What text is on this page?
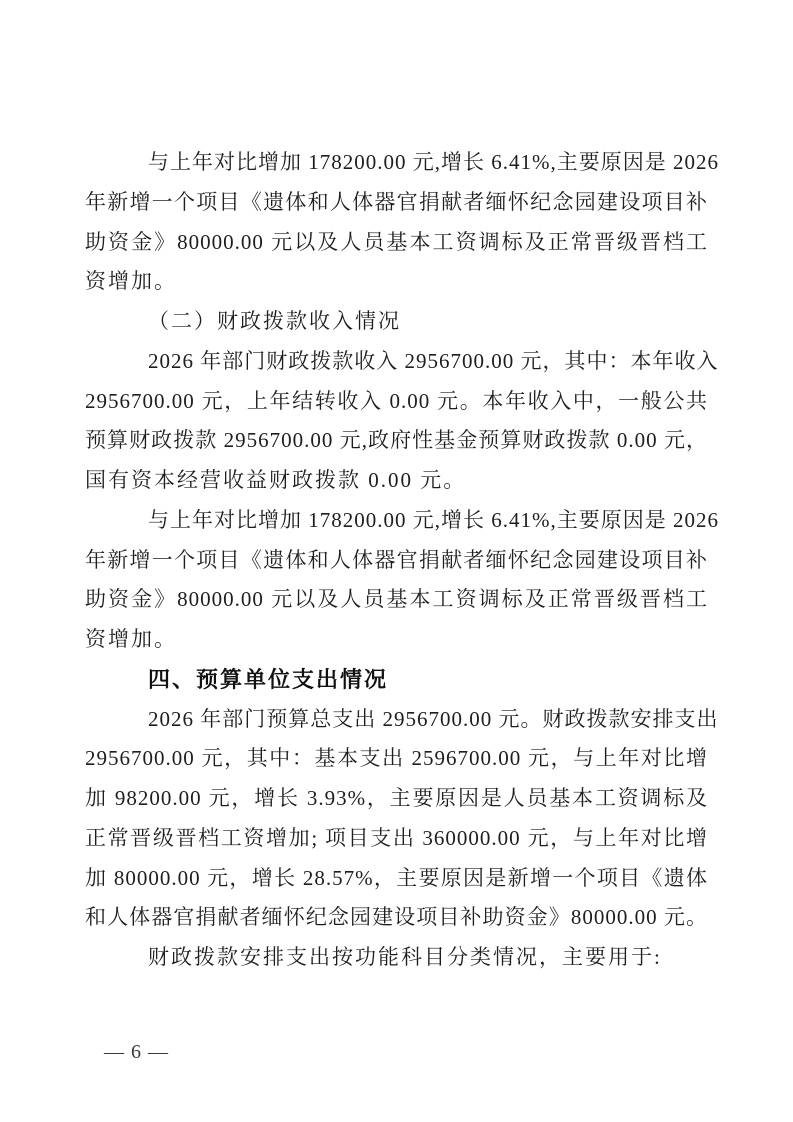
与上年对比增加 178200.00 元,增长 6.41%,主要原因是 2026
年新增一个项目《遗体和人体器官捐献者缅怀纪念园建设项目补
助资金》80000.00 元以及人员基本工资调标及正常晋级晋档工
资增加。
（二）财政拨款收入情况
2026 年部门财政拨款收入 2956700.00 元，其中：本年收入
2956700.00 元，上年结转收入 0.00 元。本年收入中，一般公共
预算财政拨款 2956700.00 元,政府性基金预算财政拨款 0.00 元，
国有资本经营收益财政拨款 0.00 元。
与上年对比增加 178200.00 元,增长 6.41%,主要原因是 2026
年新增一个项目《遗体和人体器官捐献者缅怀纪念园建设项目补
助资金》80000.00 元以及人员基本工资调标及正常晋级晋档工
资增加。
四、预算单位支出情况
2026 年部门预算总支出 2956700.00 元。财政拨款安排支出
2956700.00 元，其中：基本支出 2596700.00 元，与上年对比增
加 98200.00 元，增长 3.93%，主要原因是人员基本工资调标及
正常晋级晋档工资增加; 项目支出 360000.00 元，与上年对比增
加 80000.00 元，增长 28.57%，主要原因是新增一个项目《遗体
和人体器官捐献者缅怀纪念园建设项目补助资金》80000.00 元。
财政拨款安排支出按功能科目分类情况，主要用于:
— 6 —
